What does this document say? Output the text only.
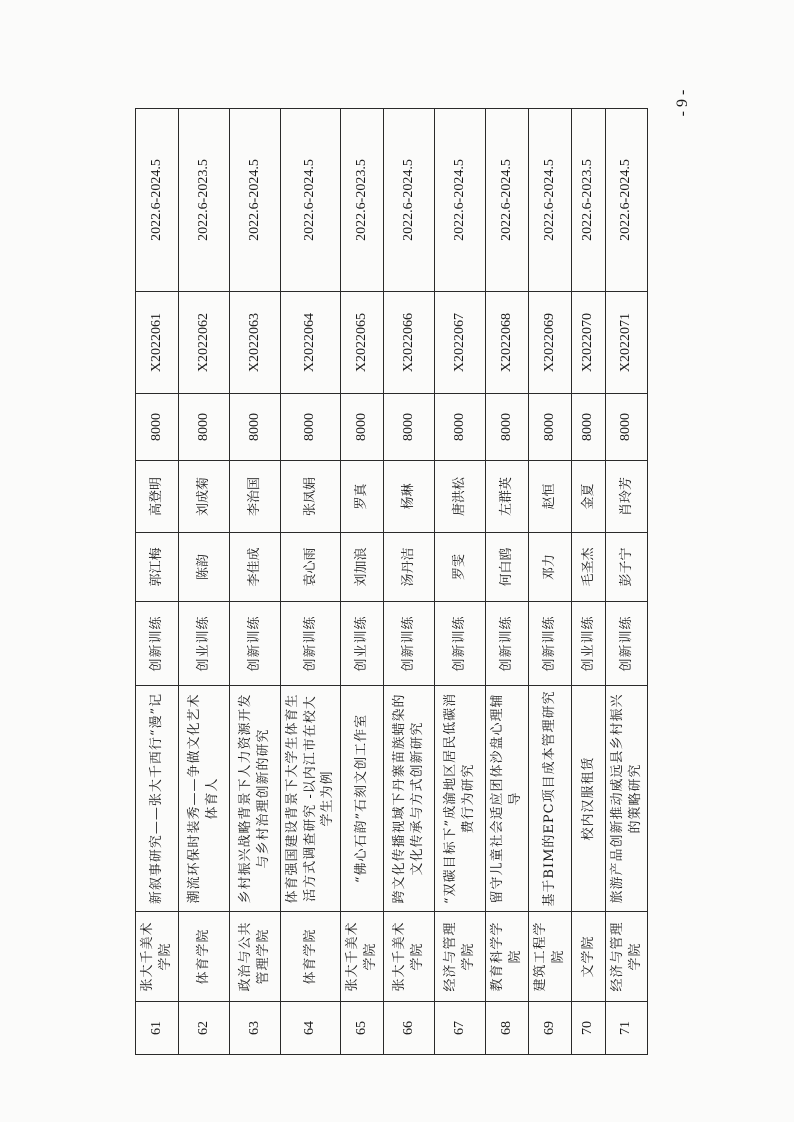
61	张大千美术学院	新叙事研究——张大千西行“漫”记	创新训练	郭江梅	高登明	8000	X2022061	2022.6-2024.5
62	体育学院	潮流环保时装秀——争做文化艺术体育人	创业训练	陈韵	刘成菊	8000	X2022062	2022.6-2023.5
63	政治与公共管理学院	乡村振兴战略背景下人力资源开发与乡村治理创新的研究	创新训练	李佳成	李治国	8000	X2022063	2022.6-2024.5
64	体育学院	体育强国建设背景下大学生体育生活方式调查研究 -以内江市在校大学生为例	创新训练	袁心雨	张凤娟	8000	X2022064	2022.6-2024.5
65	张大千美术学院	“佛心石韵”石刻文创工作室	创业训练	刘加浪	罗真	8000	X2022065	2022.6-2023.5
66	张大千美术学院	跨文化传播视域下丹寨苗族蜡染的文化传承与方式创新研究	创新训练	汤丹洁	杨琳	8000	X2022066	2022.6-2024.5
67	经济与管理学院	“双碳目标下”成渝地区居民低碳消费行为研究	创新训练	罗雯	唐洪松	8000	X2022067	2022.6-2024.5
68	教育科学学院	留守儿童社会适应团体沙盘心理辅导	创新训练	何白鸥	左群英	8000	X2022068	2022.6-2024.5
69	建筑工程学院	基于BIM的EPC项目成本管理研究	创新训练	邓力	赵恒	8000	X2022069	2022.6-2024.5
70	文学院	校内汉服租赁	创业训练	毛圣杰	金夏	8000	X2022070	2022.6-2023.5
71	经济与管理学院	旅游产品创新推动威远县乡村振兴的策略研究	创新训练	彭子宁	肖玲芳	8000	X2022071	2022.6-2024.5
- 9 -
